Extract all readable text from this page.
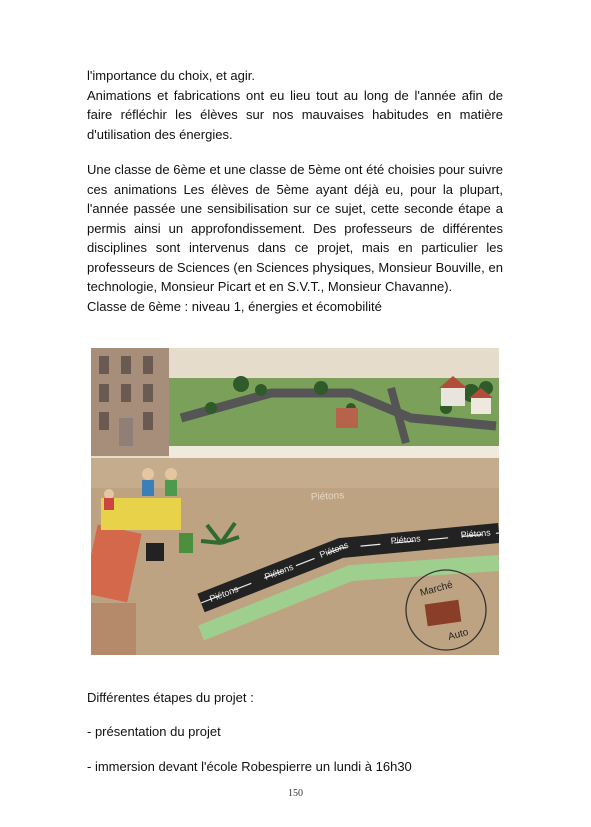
l'importance du choix, et agir.

Animations et fabrications ont eu lieu tout au long de l'année afin de faire réfléchir les élèves sur nos mauvaises habitudes en matière d'utilisation des énergies.

Une classe de 6ème et une classe de 5ème ont été choisies pour suivre ces animations Les élèves de 5ème ayant déjà eu, pour la plupart, l'année passée une sensibilisation sur ce sujet, cette seconde étape a permis ainsi un approfondissement. Des professeurs de différentes disciplines sont intervenus dans ce projet, mais en particulier les professeurs de Sciences (en Sciences physiques, Monsieur Bouville, en technologie, Monsieur Picart et en S.V.T., Monsieur Chavanne).

Classe de 6ème : niveau 1, énergies et écomobilité

Piétons
Piétons
Piétons
Piétons
Piétons	Piétons
Marché
Auto
Différentes étapes du projet :
- présentation du projet
- immersion devant l'école Robespierre un lundi à 16h30
150
